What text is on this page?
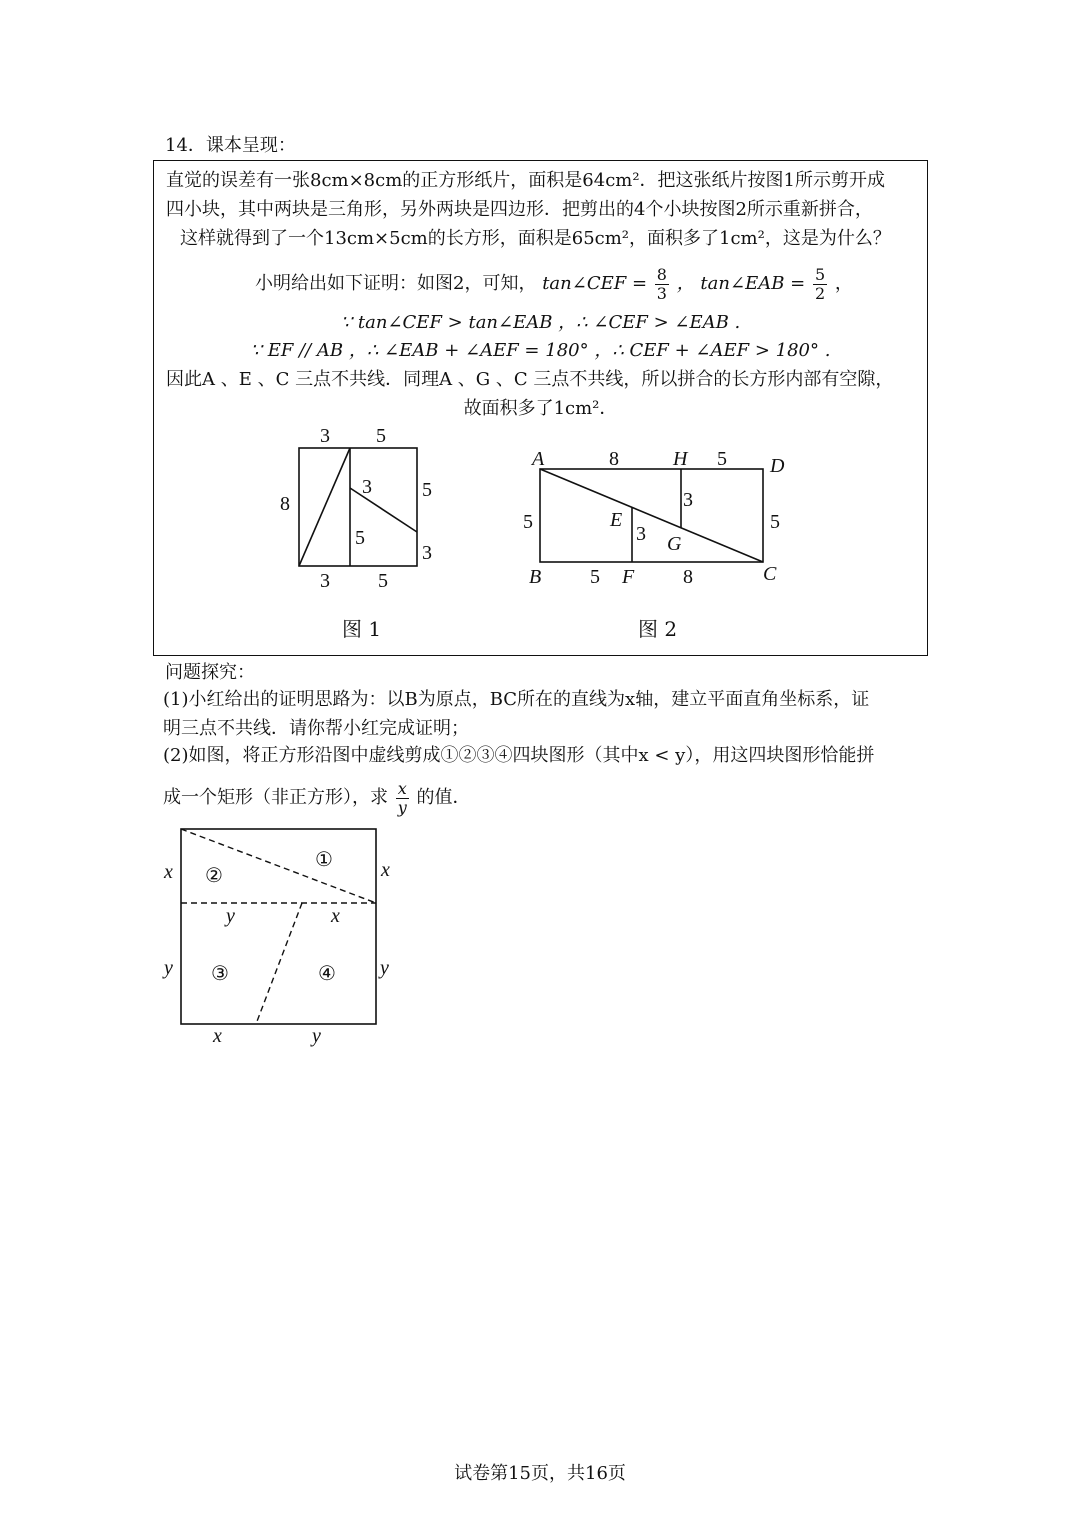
14．课本呈现：
直觉的误差有一张8cm×8cm的正方形纸片，面积是64cm²．把这张纸片按图1所示剪开成
四小块，其中两块是三角形，另外两块是四边形．把剪出的4个小块按图2所示重新拼合，
这样就得到了一个13cm×5cm的长方形，面积是65cm²，面积多了1cm²，这是为什么？
小明给出如下证明：如图2，可知， tan∠CEF = $\frac{8}{3}$ ， tan∠EAB = $\frac{5}{2}$ ，
∵ tan∠CEF > tan∠EAB ，∴ ∠CEF > ∠EAB .
∵ EF // AB ，∴ ∠EAB + ∠AEF = 180° ，∴ CEF + ∠AEF > 180° .
因此A 、E 、C 三点不共线．同理A 、G 、C 三点不共线，所以拼合的长方形内部有空隙，
故面积多了1cm²．
3 5
8
5
3
5
3
3 5
图 1
A	8	H 5 D
5	5
3
E
3 G
B 5 F 8	C
图 2
问题探究：
(1)小红给出的证明思路为：以B为原点，BC所在的直线为x轴，建立平面直角坐标系，证
明三点不共线．请你帮小红完成证明；
(2)如图，将正方形沿图中虚线剪成①②③④四块图形（其中x < y），用这四块图形恰能拼
成一个矩形（非正方形），求 $\frac{x}{y}$ 的值．
①
②
③	④
x	x
y	y
y	x
x	y
试卷第15页，共16页
